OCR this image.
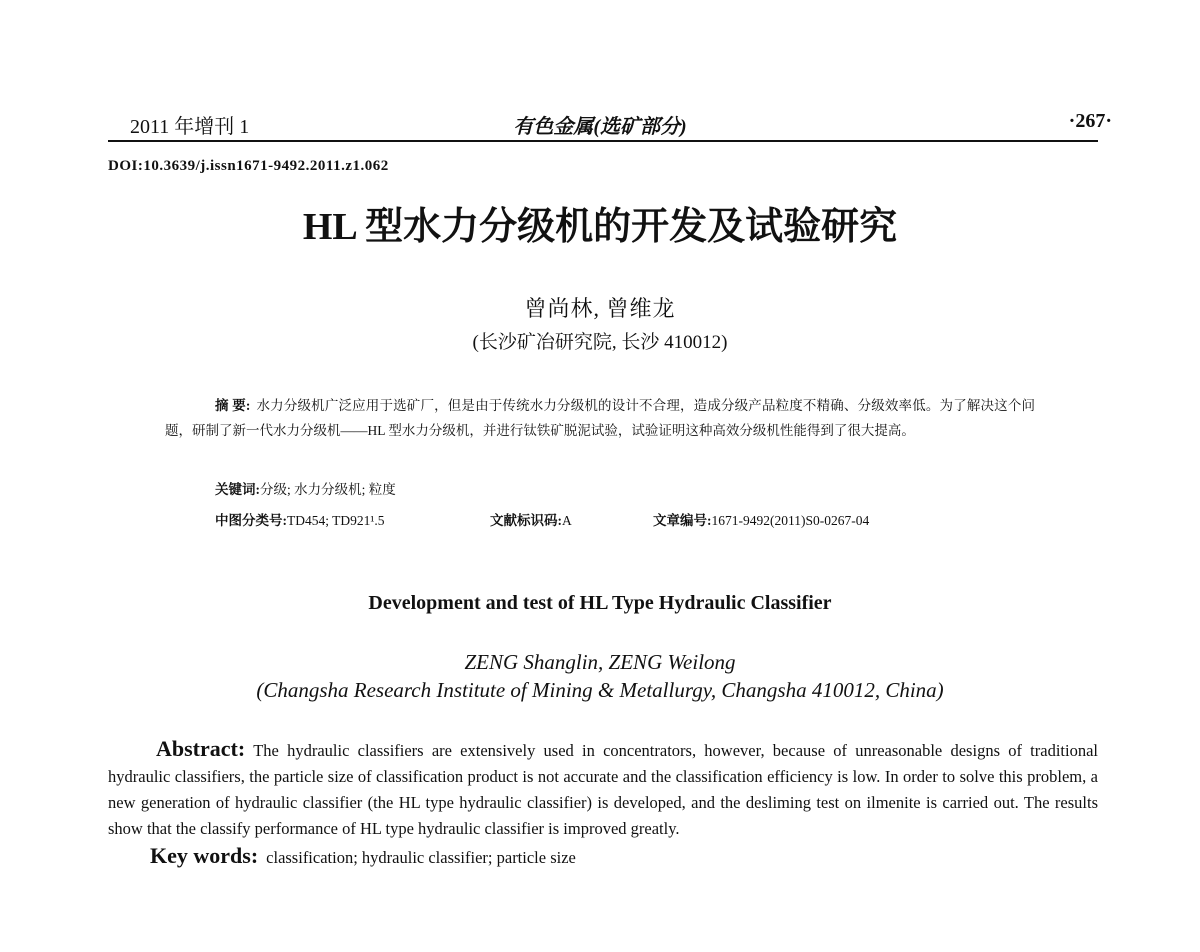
2011 年增刊 1	有色金属(选矿部分)	·267·
DOI:10.3639/j.issn1671-9492.2011.z1.062
HL 型水力分级机的开发及试验研究
曾尚林, 曾维龙
(长沙矿冶研究院, 长沙 410012)
摘 要: 水力分级机广泛应用于选矿厂，但是由于传统水力分级机的设计不合理，造成分级产品粒度不精确、分级效率低。为了解决这个问题，研制了新一代水力分级机——HL 型水力分级机，并进行钛铁矿脱泥试验，试验证明这种高效分级机性能得到了很大提高。
关键词:分级; 水力分级机; 粒度
中图分类号:TD454; TD921¹.5	文献标识码:A	文章编号:1671-9492(2011)S0-0267-04
Development and test of HL Type Hydraulic Classifier
ZENG Shanglin, ZENG Weilong
(Changsha Research Institute of Mining & Metallurgy, Changsha 410012, China)
Abstract: The hydraulic classifiers are extensively used in concentrators, however, because of unreasonable designs of traditional hydraulic classifiers, the particle size of classification product is not accurate and the classification efficiency is low. In order to solve this problem, a new generation of hydraulic classifier (the HL type hydraulic classifier) is developed, and the desliming test on ilmenite is carried out. The results show that the classify performance of HL type hydraulic classifier is improved greatly.
Key words: classification; hydraulic classifier; particle size
